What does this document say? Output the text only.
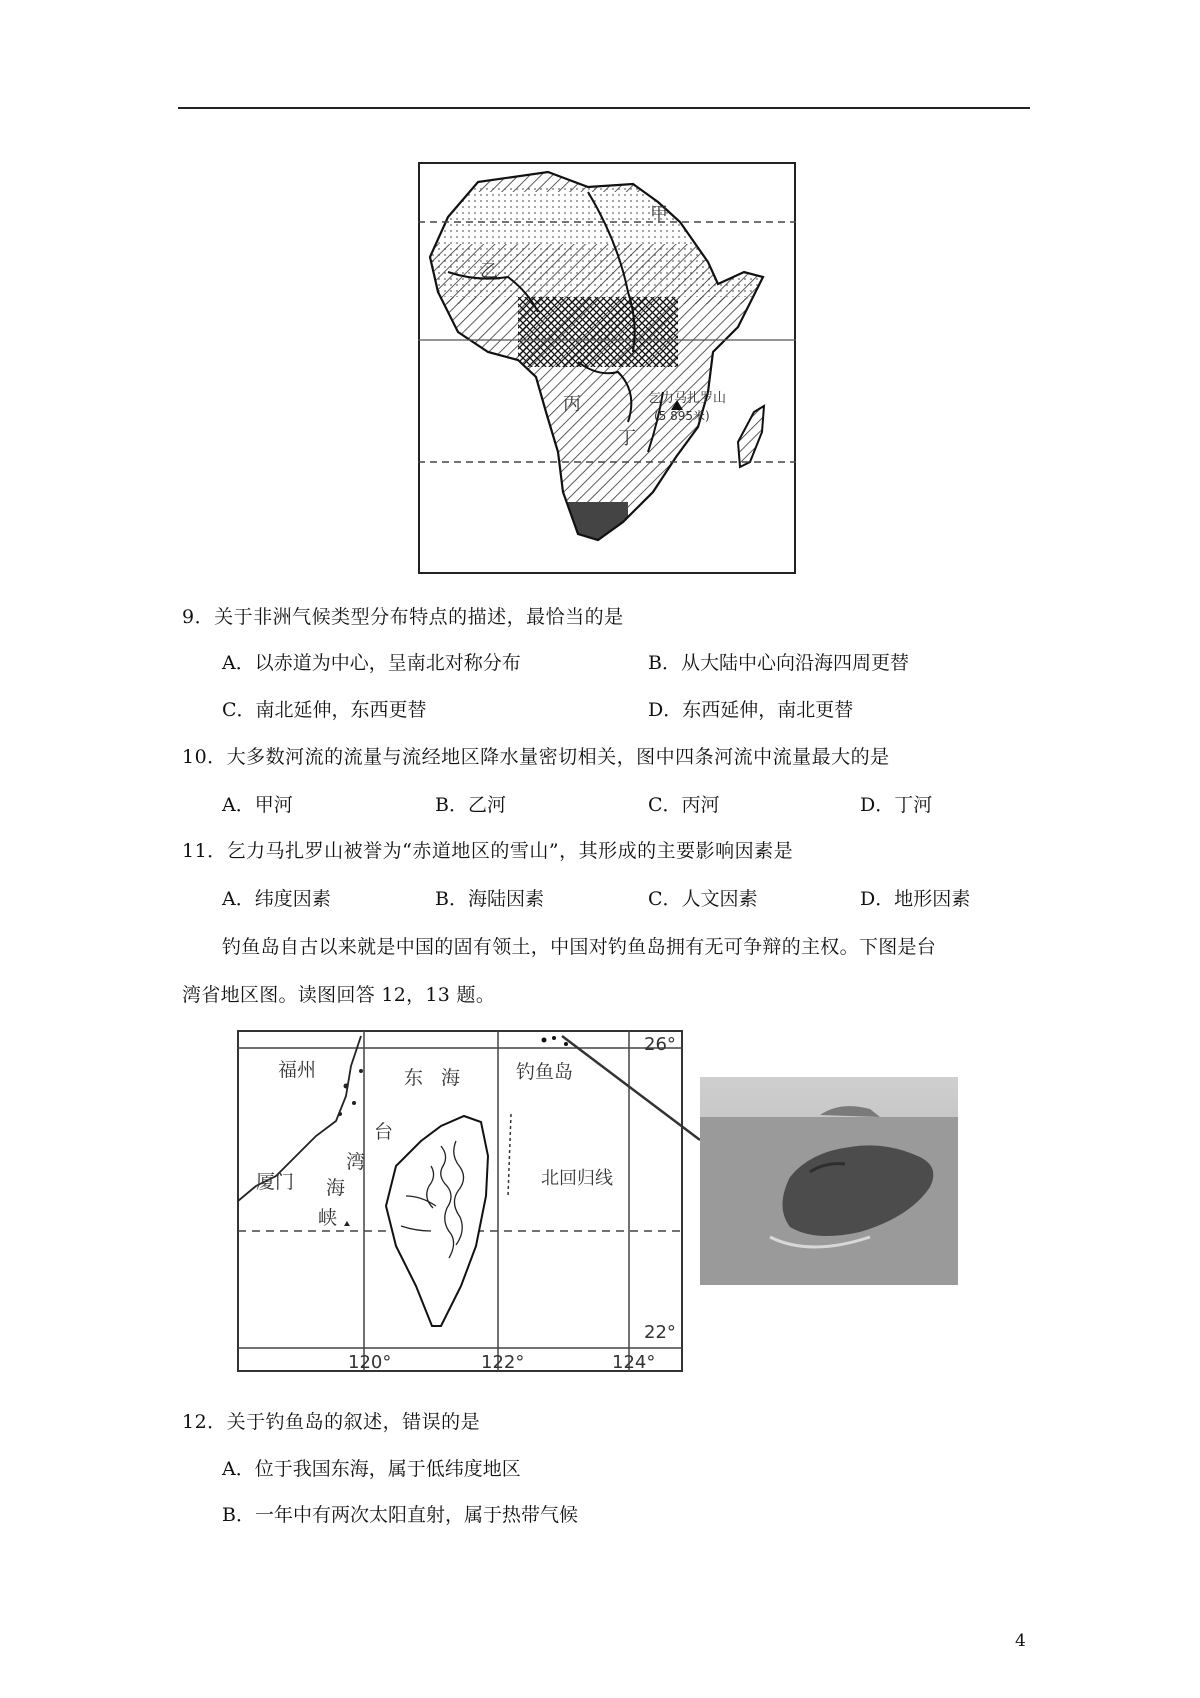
甲
乙
丙
丁
乞力马扎罗山
(5 895米)
9．关于非洲气候类型分布特点的描述，最恰当的是
A．以赤道为中心，呈南北对称分布	B．从大陆中心向沿海四周更替
C．南北延伸，东西更替	D．东西延伸，南北更替
10．大多数河流的流量与流经地区降水量密切相关，图中四条河流中流量最大的是
A．甲河	B．乙河	C．丙河	D．丁河
11．乞力马扎罗山被誉为“赤道地区的雪山”，其形成的主要影响因素是
A．纬度因素	B．海陆因素	C．人文因素	D．地形因素
钓鱼岛自古以来就是中国的固有领土，中国对钓鱼岛拥有无可争辩的主权。下图是台
湾省地区图。读图回答 12，13 题。
福州
厦门
东海 钓鱼岛
台
湾
海
峡
北回归线
26°
22°
120°	122°	124°
12．关于钓鱼岛的叙述，错误的是
A．位于我国东海，属于低纬度地区
B．一年中有两次太阳直射，属于热带气候
4
